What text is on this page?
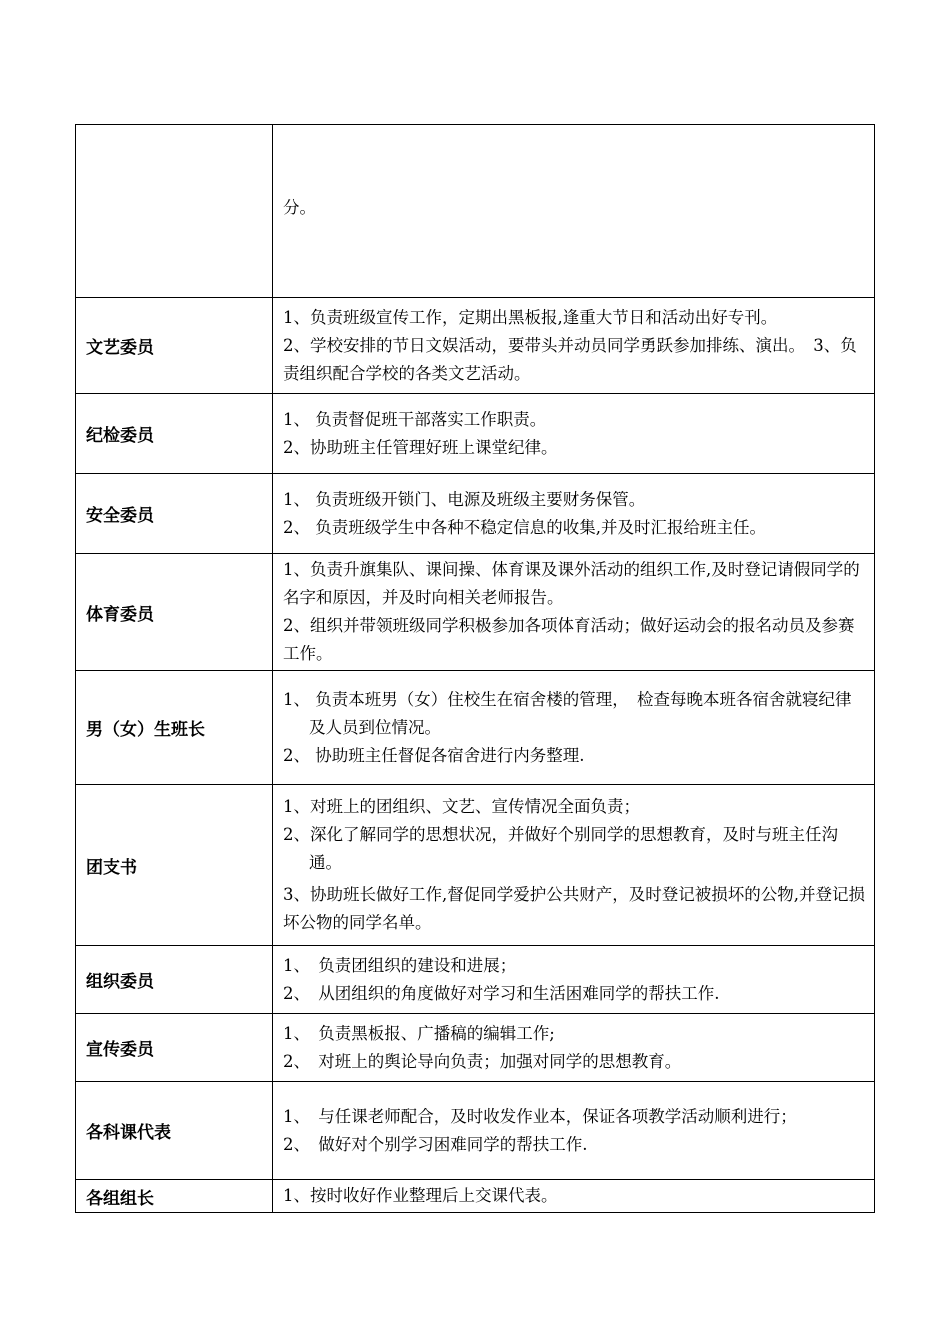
	分。

文艺委员	1、负责班级宣传工作，定期出黑板报,逢重大节日和活动出好专刊。

2、学校安排的节日文娱活动，要带头并动员同学勇跃参加排练、演出。　3、负责组织配合学校的各类文艺活动。

纪检委员	1、 负责督促班干部落实工作职责。

2、协助班主任管理好班上课堂纪律。

安全委员	1、 负责班级开锁门、电源及班级主要财务保管。

2、 负责班级学生中各种不稳定信息的收集,并及时汇报给班主任。

体育委员	1、负责升旗集队、课间操、体育课及课外活动的组织工作,及时登记请假同学的名字和原因，并及时向相关老师报告。

2、组织并带领班级同学积极参加各项体育活动；做好运动会的报名动员及参赛工作。

男（女）生班长	1、 负责本班男（女）住校生在宿舍楼的管理，　检查每晚本班各宿舍就寝纪律及人员到位情况。

2、 协助班主任督促各宿舍进行内务整理.

团支书	1、对班上的团组织、文艺、宣传情况全面负责；

2、深化了解同学的思想状况，并做好个别同学的思想教育，及时与班主任沟通。

3、协助班长做好工作,督促同学爱护公共财产，及时登记被损坏的公物,并登记损坏公物的同学名单。

组织委员	1、　负责团组织的建设和进展；

2、　从团组织的角度做好对学习和生活困难同学的帮扶工作.

宣传委员	1、　负责黑板报、广播稿的编辑工作;

2、　对班上的舆论导向负责；加强对同学的思想教育。

各科课代表	1、　与任课老师配合，及时收发作业本，保证各项教学活动顺利进行；

2、　做好对个别学习困难同学的帮扶工作.

各组组长	1、按时收好作业整理后上交课代表。
